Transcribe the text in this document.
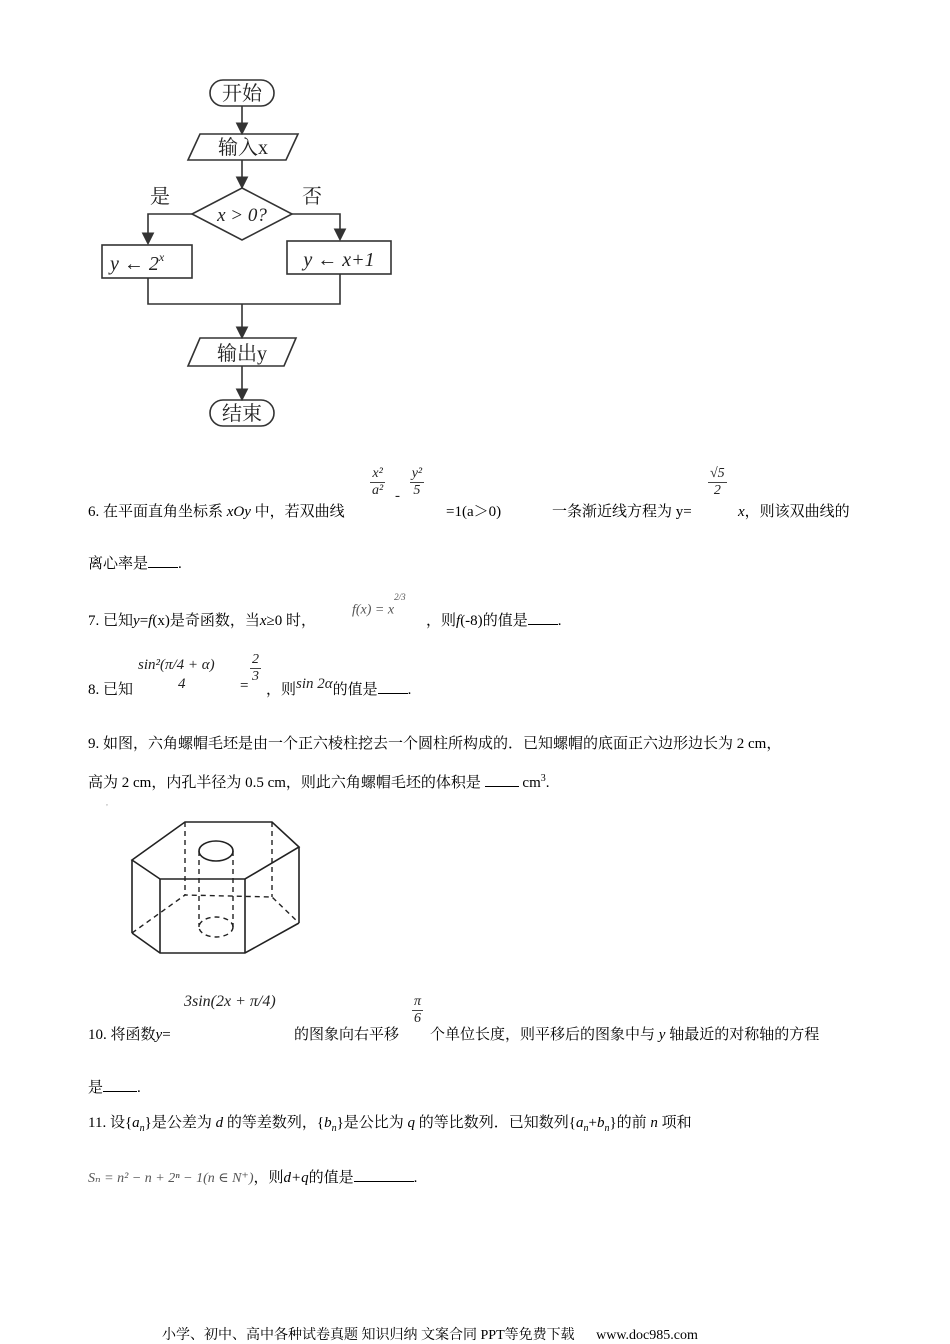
开始
输入x
x > 0?
是	否
y ← 2$^x$	y ← x+1
输出y
结束
$\frac{\text{x²}}{\text{a²}} - \frac{\text{y²}}{5}$	$\frac{√5}{2}$
6. 在平面直角坐标系 xOy 中，若双曲线	=1(a＞0)	一条渐近线方程为 y=	x，则该双曲线的
离心率是 .
7. 已知y=f(x)是奇函数，当x≥0 时，
$f(x) = x^{2/3}$
，则f(-8)的值是 .
sin²(π/4 + α)
4	$\frac{2}{3}$
8. 已知	= ，则sin 2α的值是 .
9. 如图，六角螺帽毛坯是由一个正六棱柱挖去一个圆柱所构成的．已知螺帽的底面正六边形边长为 2 cm，
高为 2 cm，内孔半径为 0.5 cm，则此六角螺帽毛坯的体积是	$cm^3$.
,
3sin(2x + π/4)	$\frac{\pi}{6}$
10. 将函数y=	的图象向右平移 个单位长度，则平移后的图象中与 y 轴最近的对称轴的方程
是 .
11. 设$\{a_n\}$是公差为 d 的等差数列，$\{b_n\}$是公比为 q 的等比数列．已知数列$\{a_n+b_n\}$的前 n 项和
Sₙ = n² − n + 2ⁿ − 1(n ∈ N⁺)，则d+q的值是	.
小学、初中、高中各种试卷真题 知识归纳 文案合同 PPT等免费下载 www.doc985.com
